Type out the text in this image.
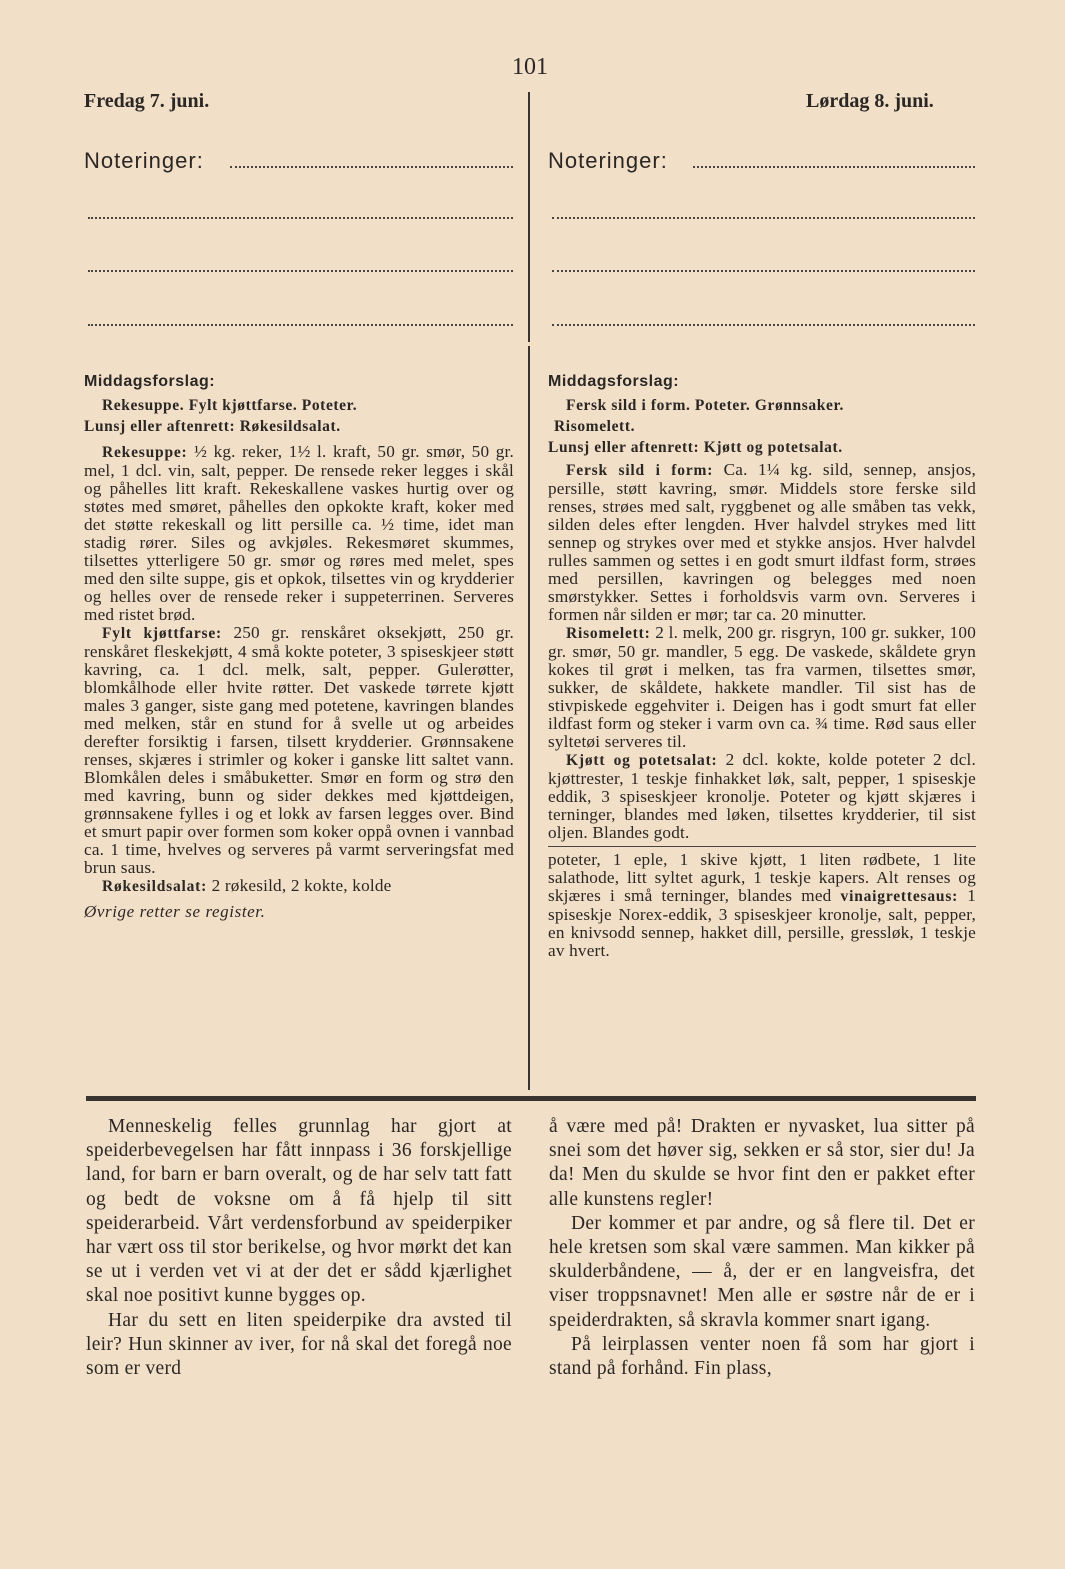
101
Fredag 7. juni.
Noteringer:
Lørdag 8. juni.
Noteringer:
Middagsforslag:
Rekesuppe. Fylt kjøttfarse. Poteter.
Lunsj eller aftenrett: Røkesildsalat.

Rekesuppe: ½ kg. reker, 1½ l. kraft, 50 gr. smør, 50 gr. mel, 1 dcl. vin, salt, pepper. De rensede reker legges i skål og påhelles litt kraft. Rekeskallene vaskes hurtig over og støtes med smøret, påhelles den opkokte kraft, koker med det støtte rekeskall og litt persille ca. ½ time, idet man stadig rører. Siles og avkjøles. Rekesmøret skummes, tilsettes ytterligere 50 gr. smør og røres med melet, spes med den silte suppe, gis et opkok, tilsettes vin og krydderier og helles over de rensede reker i suppeterrinen. Serveres med ristet brød.

Fylt kjøttfarse: 250 gr. renskåret oksekjøtt, 250 gr. renskåret fleskekjøtt, 4 små kokte poteter, 3 spiseskjeer støtt kavring, ca. 1 dcl. melk, salt, pepper. Gulerøtter, blomkålhode eller hvite røtter. Det vaskede tørrete kjøtt males 3 ganger, siste gang med potetene, kavringen blandes med melken, står en stund for å svelle ut og arbeides derefter forsiktig i farsen, tilsett krydderier. Grønnsakene renses, skjæres i strimler og koker i ganske litt saltet vann. Blomkålen deles i småbuketter. Smør en form og strø den med kavring, bunn og sider dekkes med kjøttdeigen, grønnsakene fylles i og et lokk av farsen legges over. Bind et smurt papir over formen som koker oppå ovnen i vannbad ca. 1 time, hvelves og serveres på varmt serveringsfat med brun saus.

Røkesildsalat: 2 røkesild, 2 kokte, kolde

Øvrige retter se register.
Middagsforslag:
Fersk sild i form. Poteter. Grønnsaker.
Risomelett.
Lunsj eller aftenrett: Kjøtt og potetsalat.

Fersk sild i form: Ca. 1¼ kg. sild, sennep, ansjos, persille, støtt kavring, smør. Middels store ferske sild renses, strøes med salt, ryggbenet og alle småben tas vekk, silden deles efter lengden. Hver halvdel strykes med litt sennep og strykes over med et stykke ansjos. Hver halvdel rulles sammen og settes i en godt smurt ildfast form, strøes med persillen, kavringen og belegges med noen smørstykker. Settes i forholdsvis varm ovn. Serveres i formen når silden er mør; tar ca. 20 minutter.

Risomelett: 2 l. melk, 200 gr. risgryn, 100 gr. sukker, 100 gr. smør, 50 gr. mandler, 5 egg. De vaskede, skåldete gryn kokes til grøt i melken, tas fra varmen, tilsettes smør, sukker, de skåldete, hakkete mandler. Til sist has de stivpiskede eggehviter i. Deigen has i godt smurt fat eller ildfast form og steker i varm ovn ca. ¾ time. Rød saus eller syltetøi serveres til.

Kjøtt og potetsalat: 2 dcl. kokte, kolde poteter 2 dcl. kjøttrester, 1 teskje finhakket løk, salt, pepper, 1 spiseskje eddik, 3 spiseskjeer kronolje. Poteter og kjøtt skjæres i terninger, blandes med løken, tilsettes krydderier, til sist oljen. Blandes godt.

poteter, 1 eple, 1 skive kjøtt, 1 liten rødbete, 1 lite salathode, litt syltet agurk, 1 teskje kapers. Alt renses og skjæres i små terninger, blandes med vinaigrettesaus: 1 spiseskje Norex-eddik, 3 spiseskjeer kronolje, salt, pepper, en knivsodd sennep, hakket dill, persille, gressløk, 1 teskje av hvert.

Menneskelig felles grunnlag har gjort at speiderbevegelsen har fått innpass i 36 forskjellige land, for barn er barn overalt, og de har selv tatt fatt og bedt de voksne om å få hjelp til sitt speiderarbeid. Vårt verdensforbund av speiderpiker har vært oss til stor berikelse, og hvor mørkt det kan se ut i verden vet vi at der det er sådd kjærlighet skal noe positivt kunne bygges op.

Har du sett en liten speiderpike dra avsted til leir? Hun skinner av iver, for nå skal det foregå noe som er verd

å være med på! Drakten er nyvasket, lua sitter på snei som det høver sig, sekken er så stor, sier du! Ja da! Men du skulde se hvor fint den er pakket efter alle kunstens regler!

Der kommer et par andre, og så flere til. Det er hele kretsen som skal være sammen. Man kikker på skulderbåndene, — å, der er en langveisfra, det viser troppsnavnet! Men alle er søstre når de er i speiderdrakten, så skravla kommer snart igang.

På leirplassen venter noen få som har gjort i stand på forhånd. Fin plass,
